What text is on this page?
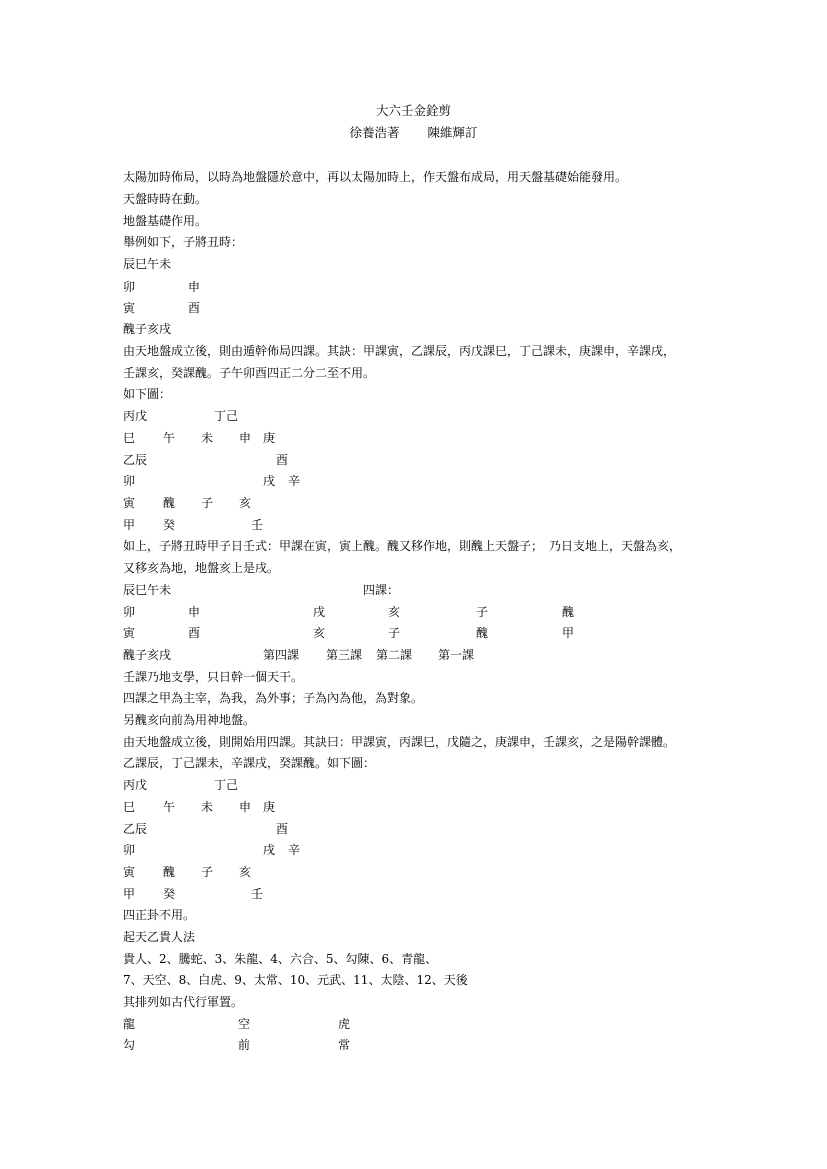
大六壬金銓剪
徐養浩著 陳維輝訂
太陽加時佈局，以時為地盤隱於意中，再以太陽加時上，作天盤布成局，用天盤基礎始能發用。
天盤時時在動。
地盤基礎作用。
舉例如下，子將丑時：
辰巳午未
卯	申
寅	酉
醜子亥戌
由天地盤成立後，則由遁幹佈局四課。其訣：甲課寅，乙課辰，丙戊課巳，丁己課未，庚課申，辛課戌，
壬課亥，癸課醜。子午卯酉四正二分二至不用。
如下圖：
丙戊	丁己
巳 午 未 申 庚
乙辰	酉
卯	戌 辛
寅 醜 子 亥
甲 癸	壬
如上，子將丑時甲子日壬式：甲課在寅，寅上醜。醜又移作地，則醜上天盤子；　乃日支地上，天盤為亥，
又移亥為地，地盤亥上是戌。
辰巳午未	四課：
卯	申	戌	亥	子	醜
寅	酉	亥	子	醜	甲
醜子亥戌	第四課 第三課 第二課 第一課
壬課乃地支學，只日幹一個天干。
四課之甲為主宰，為我，為外事；子為內為他，為對象。
另醜亥向前為用神地盤。
由天地盤成立後，則開始用四課。其訣曰：甲課寅，丙課巳，戊隨之，庚課申，壬課亥，之是陽幹課體。
乙課辰，丁己課未，辛課戌，癸課醜。如下圖：
丙戊	丁己
巳 午 未 申 庚
乙辰	酉
卯	戌 辛
寅 醜 子 亥
甲 癸	壬
四正卦不用。
起天乙貴人法
貴人、2、騰蛇、3、朱龍、4、六合、5、勾陳、6、青龍、
7、天空、8、白虎、9、太常、10、元武、11、太陰、12、天後
其排列如古代行軍置。
龍	空	虎
勾	前	常
